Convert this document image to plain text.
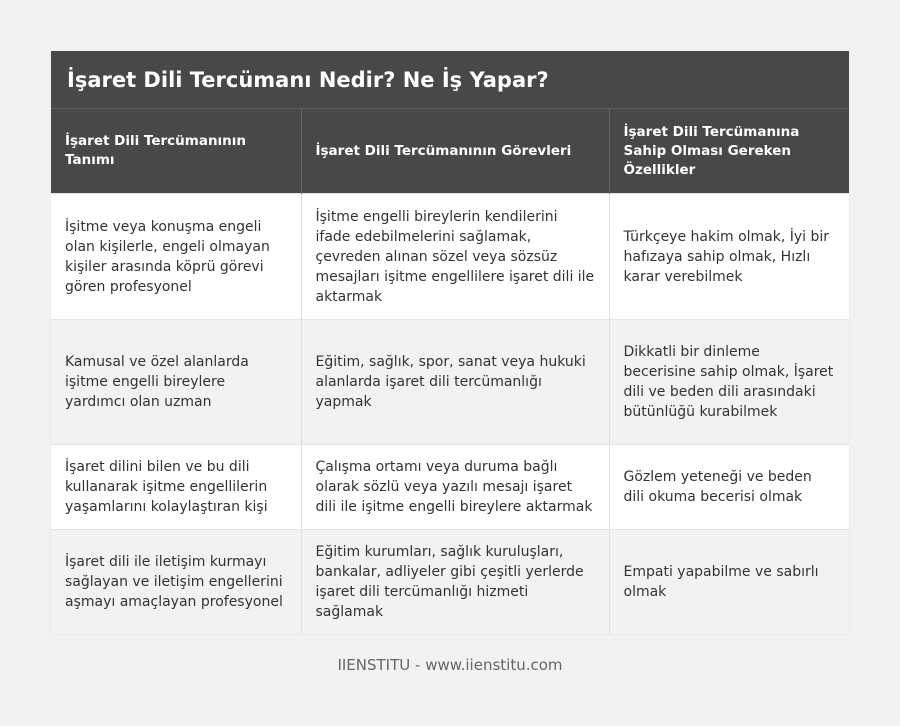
İşaret Dili Tercümanı Nedir? Ne İş Yapar?
İşaret Dili Tercümanının Tanımı	İşaret Dili Tercümanının Görevleri	İşaret Dili Tercümanına Sahip Olması Gereken Özellikler
İşitme veya konuşma engeli olan kişilerle, engeli olmayan kişiler arasında köprü görevi gören profesyonel	İşitme engelli bireylerin kendilerini ifade edebilmelerini sağlamak, çevreden alınan sözel veya sözsüz mesajları işitme engellilere işaret dili ile aktarmak	Türkçeye hakim olmak, İyi bir hafızaya sahip olmak, Hızlı karar verebilmek
Kamusal ve özel alanlarda işitme engelli bireylere yardımcı olan uzman	Eğitim, sağlık, spor, sanat veya hukuki alanlarda işaret dili tercümanlığı yapmak	Dikkatli bir dinleme becerisine sahip olmak, İşaret dili ve beden dili arasındaki bütünlüğü kurabilmek
İşaret dilini bilen ve bu dili kullanarak işitme engellilerin yaşamlarını kolaylaştıran kişi	Çalışma ortamı veya duruma bağlı olarak sözlü veya yazılı mesajı işaret dili ile işitme engelli bireylere aktarmak	Gözlem yeteneği ve beden dili okuma becerisi olmak
İşaret dili ile iletişim kurmayı sağlayan ve iletişim engellerini aşmayı amaçlayan profesyonel	Eğitim kurumları, sağlık kuruluşları, bankalar, adliyeler gibi çeşitli yerlerde işaret dili tercümanlığı hizmeti sağlamak	Empati yapabilme ve sabırlı olmak
IIENSTITU - www.iienstitu.com
